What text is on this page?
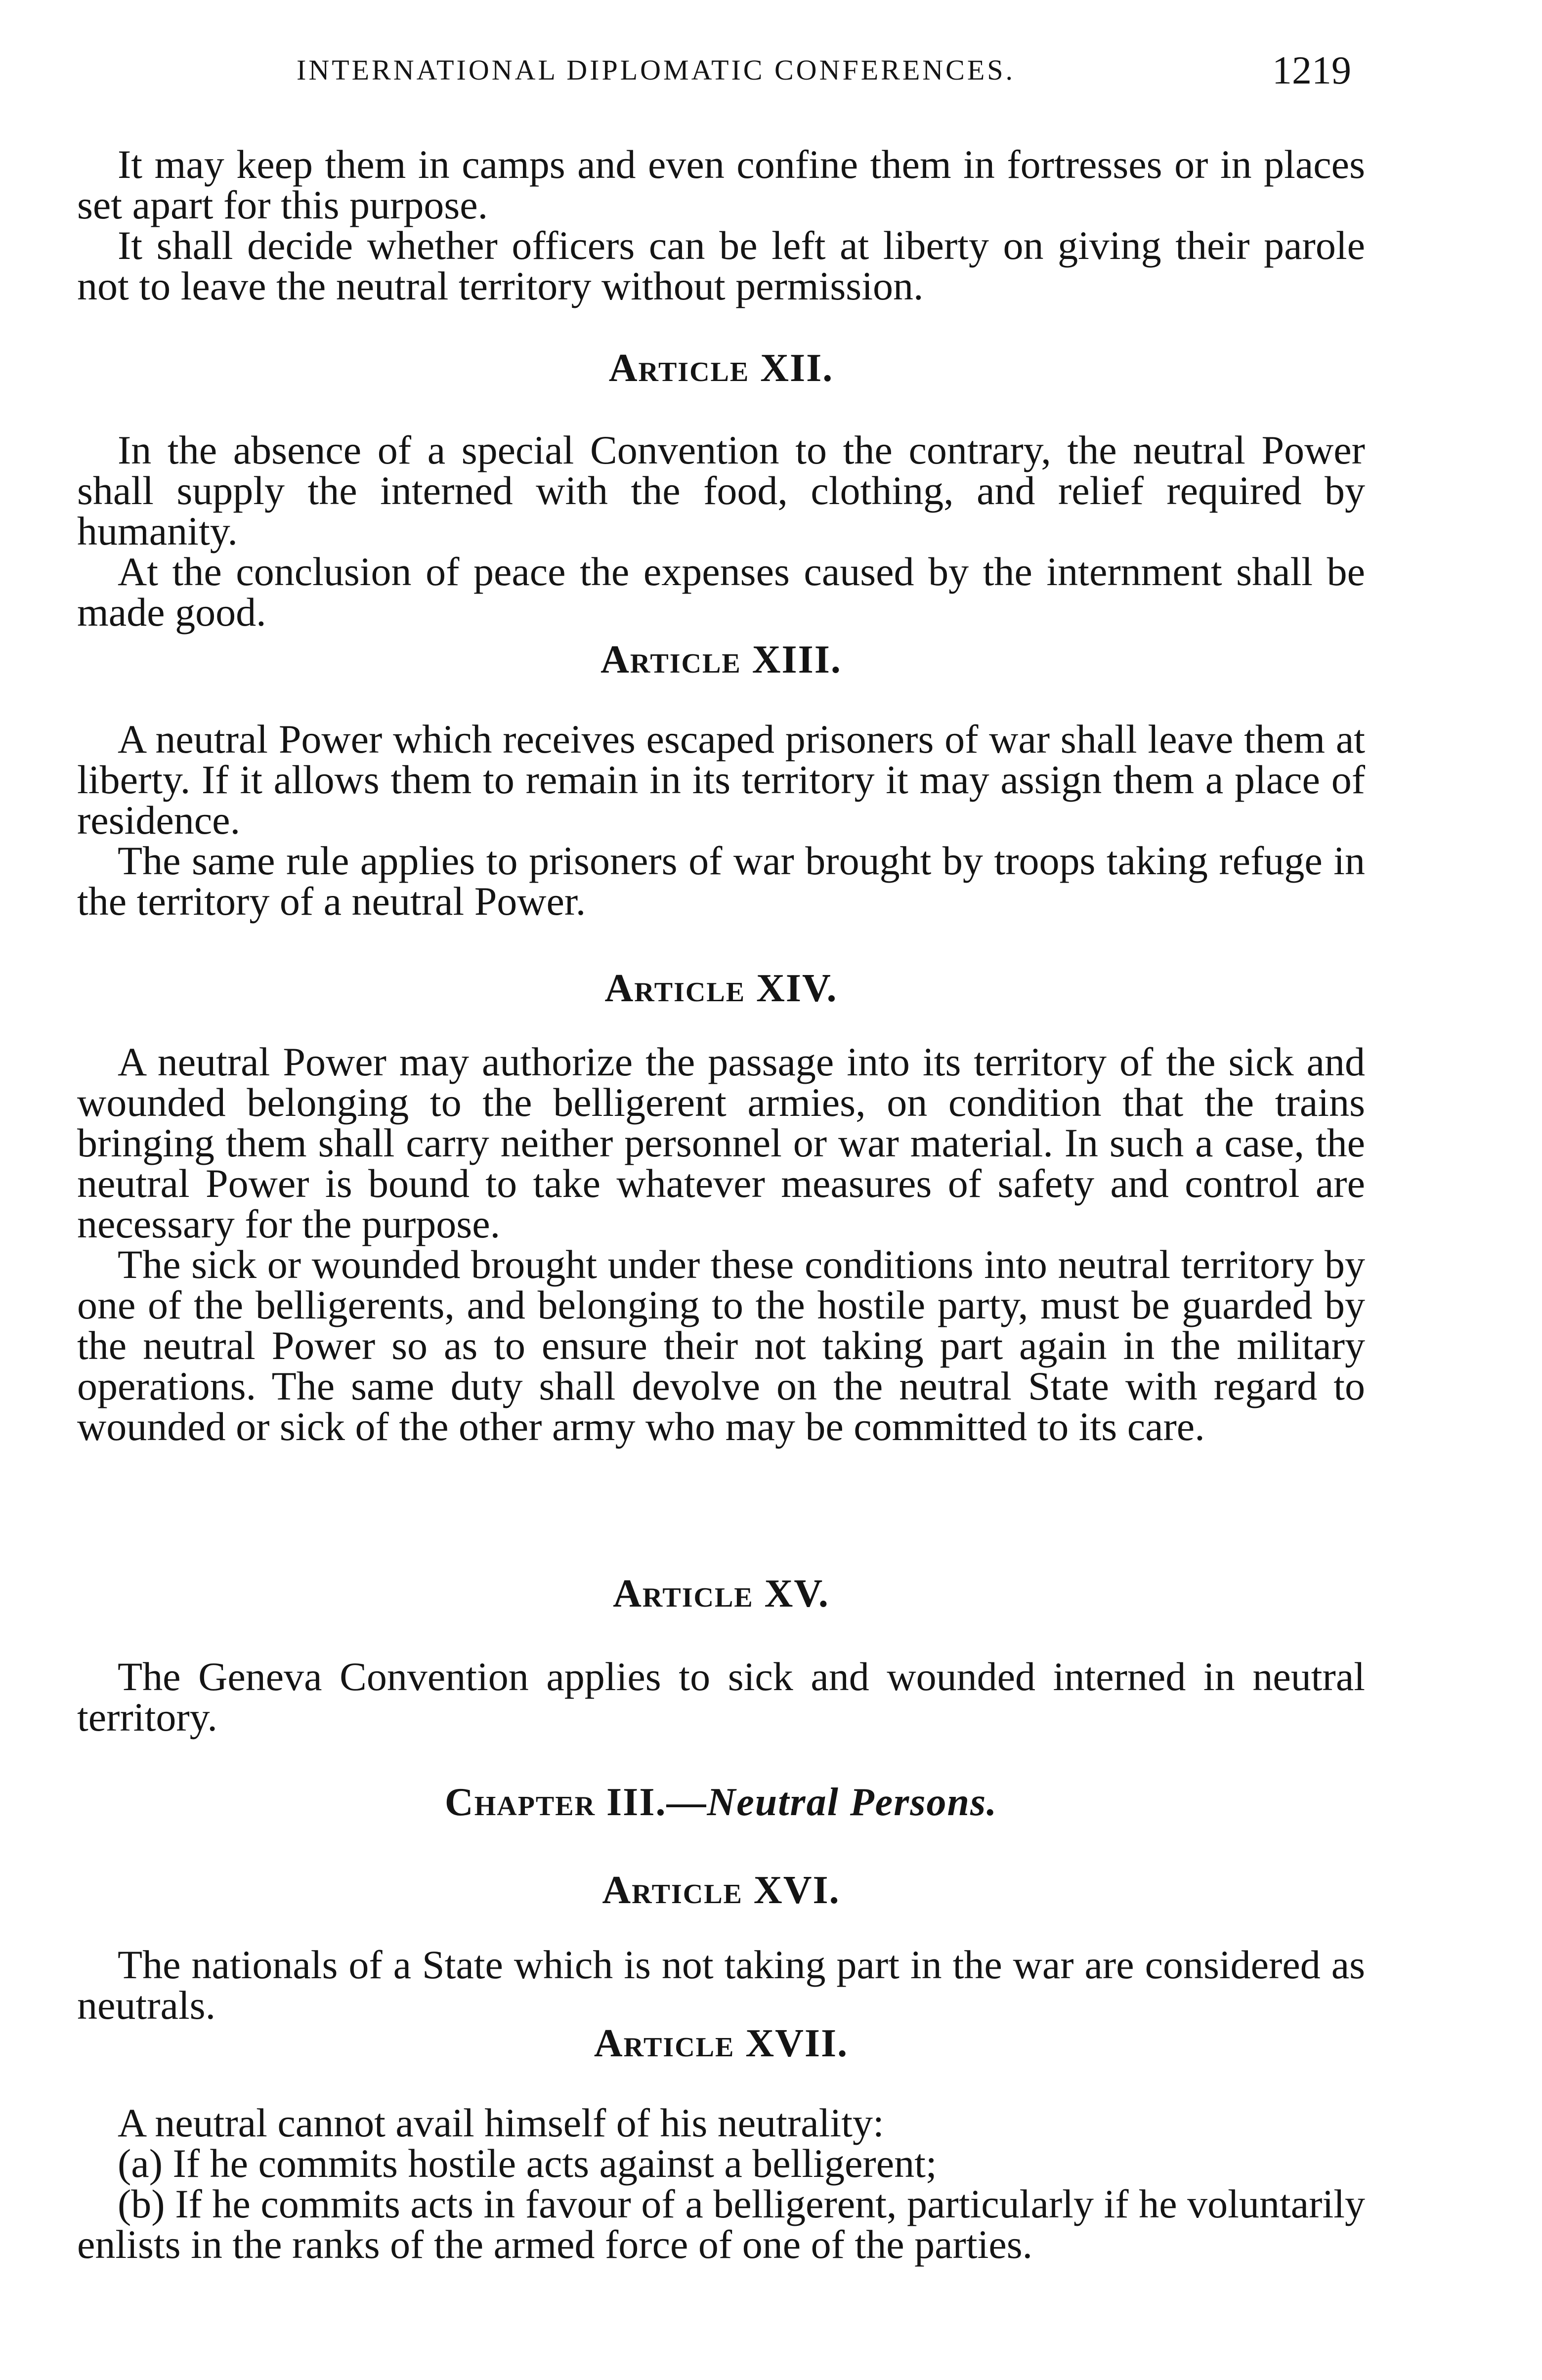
INTERNATIONAL DIPLOMATIC CONFERENCES.	1219

It may keep them in camps and even confine them in fortresses or in places set apart for this purpose.

It shall decide whether officers can be left at liberty on giving their parole not to leave the neutral territory without permission.

Article XII.

In the absence of a special Convention to the contrary, the neutral Power shall supply the interned with the food, clothing, and relief required by humanity.

At the conclusion of peace the expenses caused by the internment shall be made good.

Article XIII.

A neutral Power which receives escaped prisoners of war shall leave them at liberty. If it allows them to remain in its territory it may assign them a place of residence.

The same rule applies to prisoners of war brought by troops taking refuge in the territory of a neutral Power.

Article XIV.

A neutral Power may authorize the passage into its territory of the sick and wounded belonging to the belligerent armies, on condition that the trains bringing them shall carry neither personnel or war material. In such a case, the neutral Power is bound to take whatever measures of safety and control are necessary for the purpose.

The sick or wounded brought under these conditions into neutral territory by one of the belligerents, and belonging to the hostile party, must be guarded by the neutral Power so as to ensure their not taking part again in the military operations. The same duty shall devolve on the neutral State with regard to wounded or sick of the other army who may be committed to its care.

Article XV.

The Geneva Convention applies to sick and wounded interned in neutral territory.

Chapter III.—Neutral Persons.
Article XVI.

The nationals of a State which is not taking part in the war are considered as neutrals.

Article XVII.

A neutral cannot avail himself of his neutrality:

(a) If he commits hostile acts against a belligerent;

(b) If he commits acts in favour of a belligerent, particularly if he voluntarily enlists in the ranks of the armed force of one of the parties.
